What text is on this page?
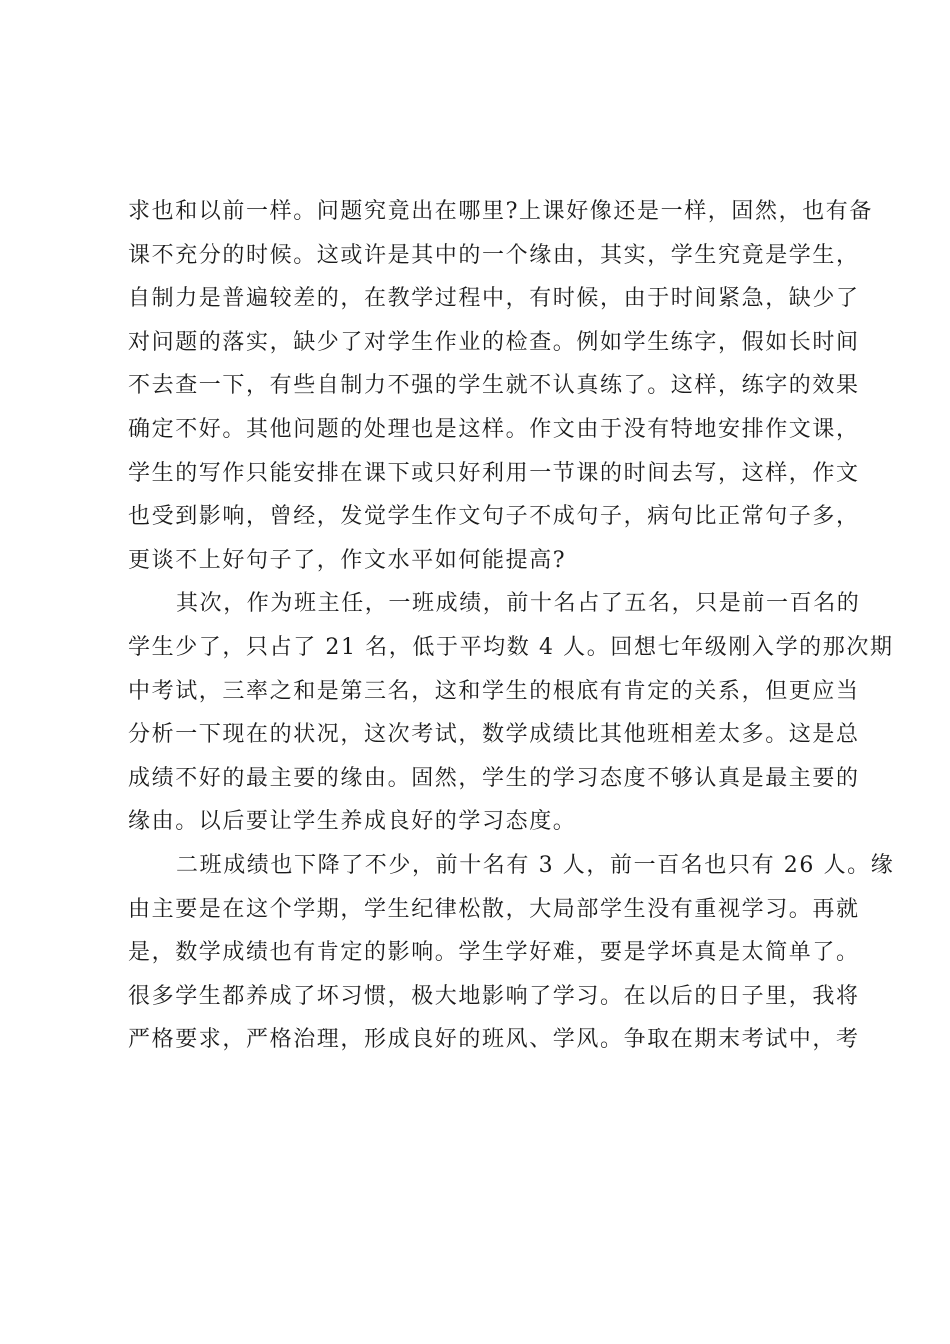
求也和以前一样。问题究竟出在哪里?上课好像还是一样，固然，也有备
课不充分的时候。这或许是其中的一个缘由，其实，学生究竟是学生，
自制力是普遍较差的，在教学过程中，有时候，由于时间紧急，缺少了
对问题的落实，缺少了对学生作业的检查。例如学生练字，假如长时间
不去查一下，有些自制力不强的学生就不认真练了。这样，练字的效果
确定不好。其他问题的处理也是这样。作文由于没有特地安排作文课，
学生的写作只能安排在课下或只好利用一节课的时间去写，这样，作文
也受到影响，曾经，发觉学生作文句子不成句子，病句比正常句子多，
更谈不上好句子了，作文水平如何能提高?
其次，作为班主任，一班成绩，前十名占了五名，只是前一百名的
学生少了，只占了 21 名，低于平均数 4 人。回想七年级刚入学的那次期
中考试，三率之和是第三名，这和学生的根底有肯定的关系，但更应当
分析一下现在的状况，这次考试，数学成绩比其他班相差太多。这是总
成绩不好的最主要的缘由。固然，学生的学习态度不够认真是最主要的
缘由。以后要让学生养成良好的学习态度。
二班成绩也下降了不少，前十名有 3 人，前一百名也只有 26 人。缘
由主要是在这个学期，学生纪律松散，大局部学生没有重视学习。再就
是，数学成绩也有肯定的影响。学生学好难，要是学坏真是太简单了。
很多学生都养成了坏习惯，极大地影响了学习。在以后的日子里，我将
严格要求，严格治理，形成良好的班风、学风。争取在期末考试中，考
